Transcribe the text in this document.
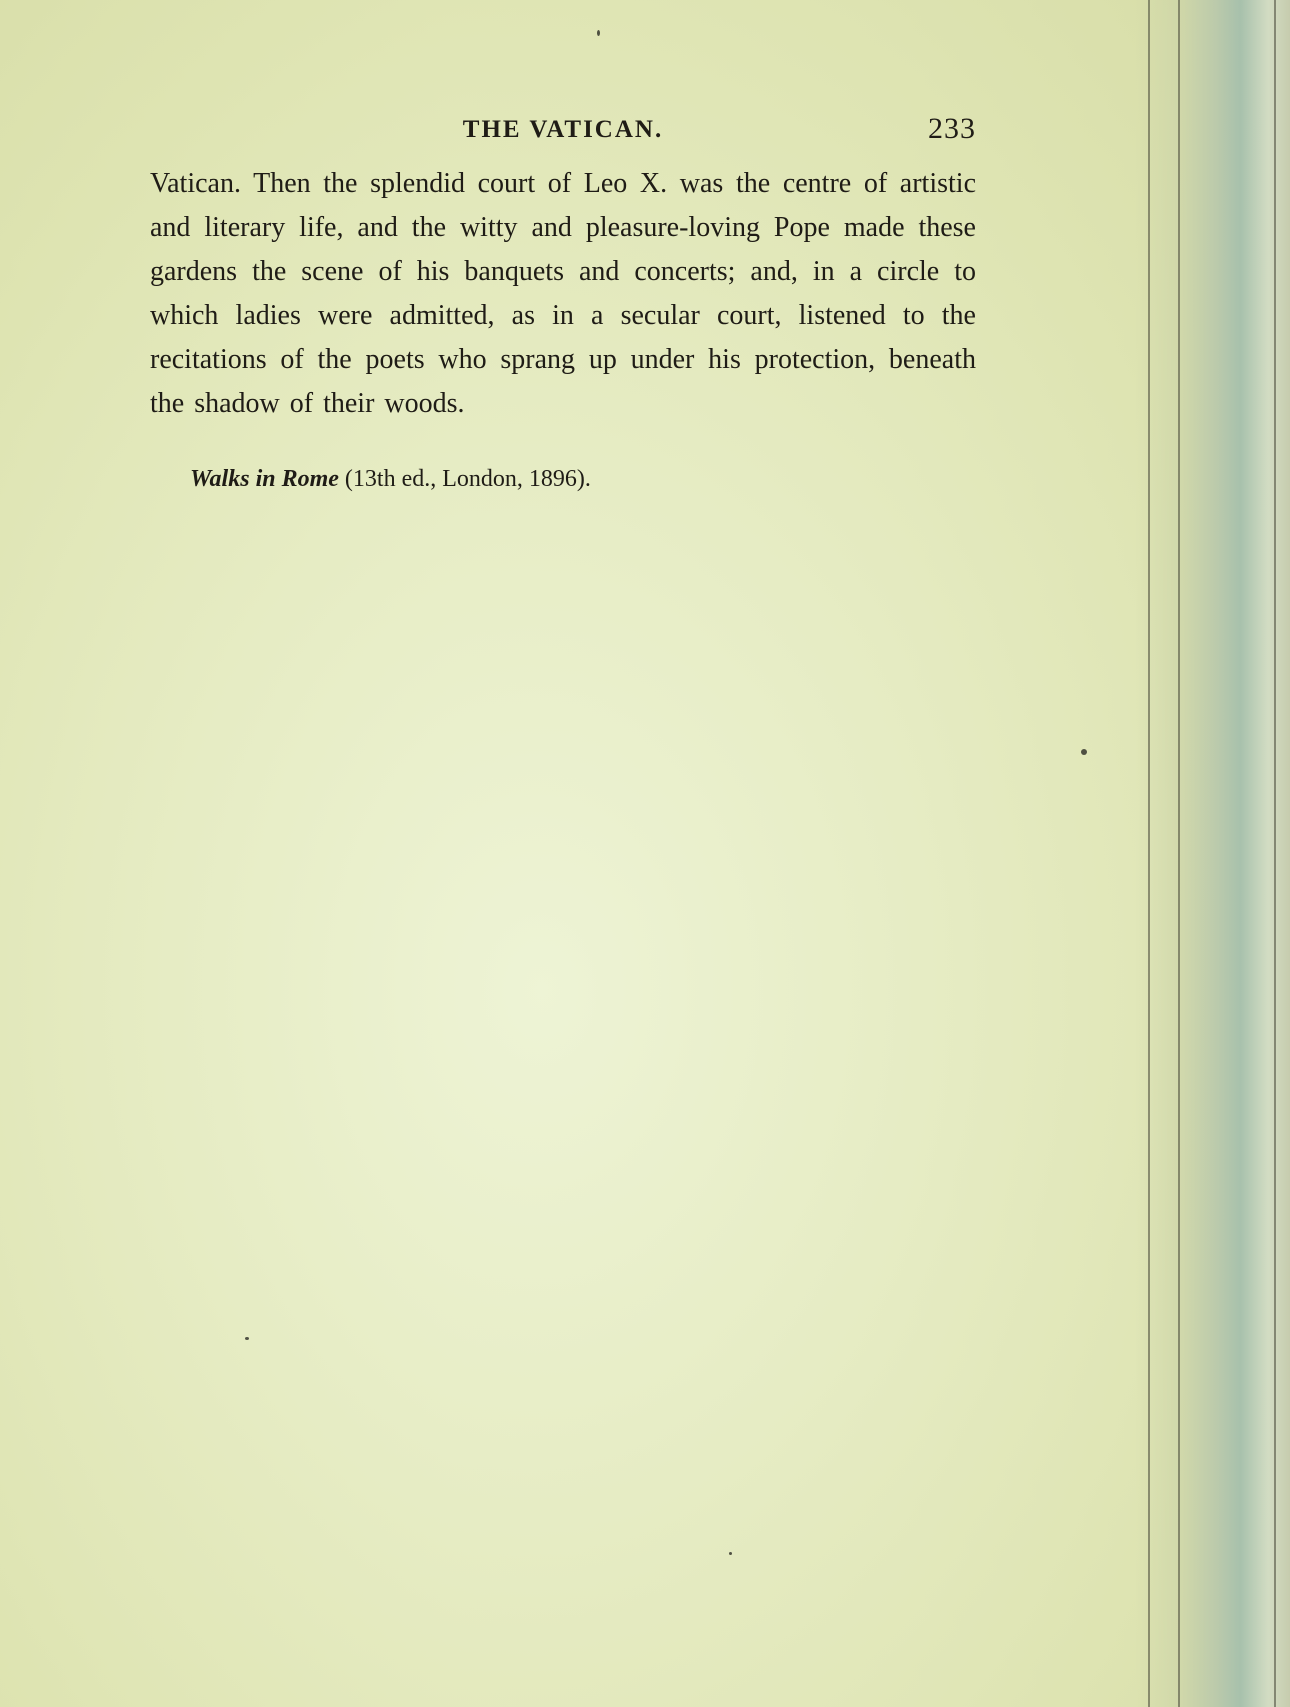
THE VATICAN.	233

Vatican. Then the splendid court of Leo X. was the centre of artistic and literary life, and the witty and pleasure-loving Pope made these gardens the scene of his banquets and concerts; and, in a circle to which ladies were admitted, as in a secular court, listened to the recitations of the poets who sprang up under his protection, beneath the shadow of their woods.

Walks in Rome (13th ed., London, 1896).
